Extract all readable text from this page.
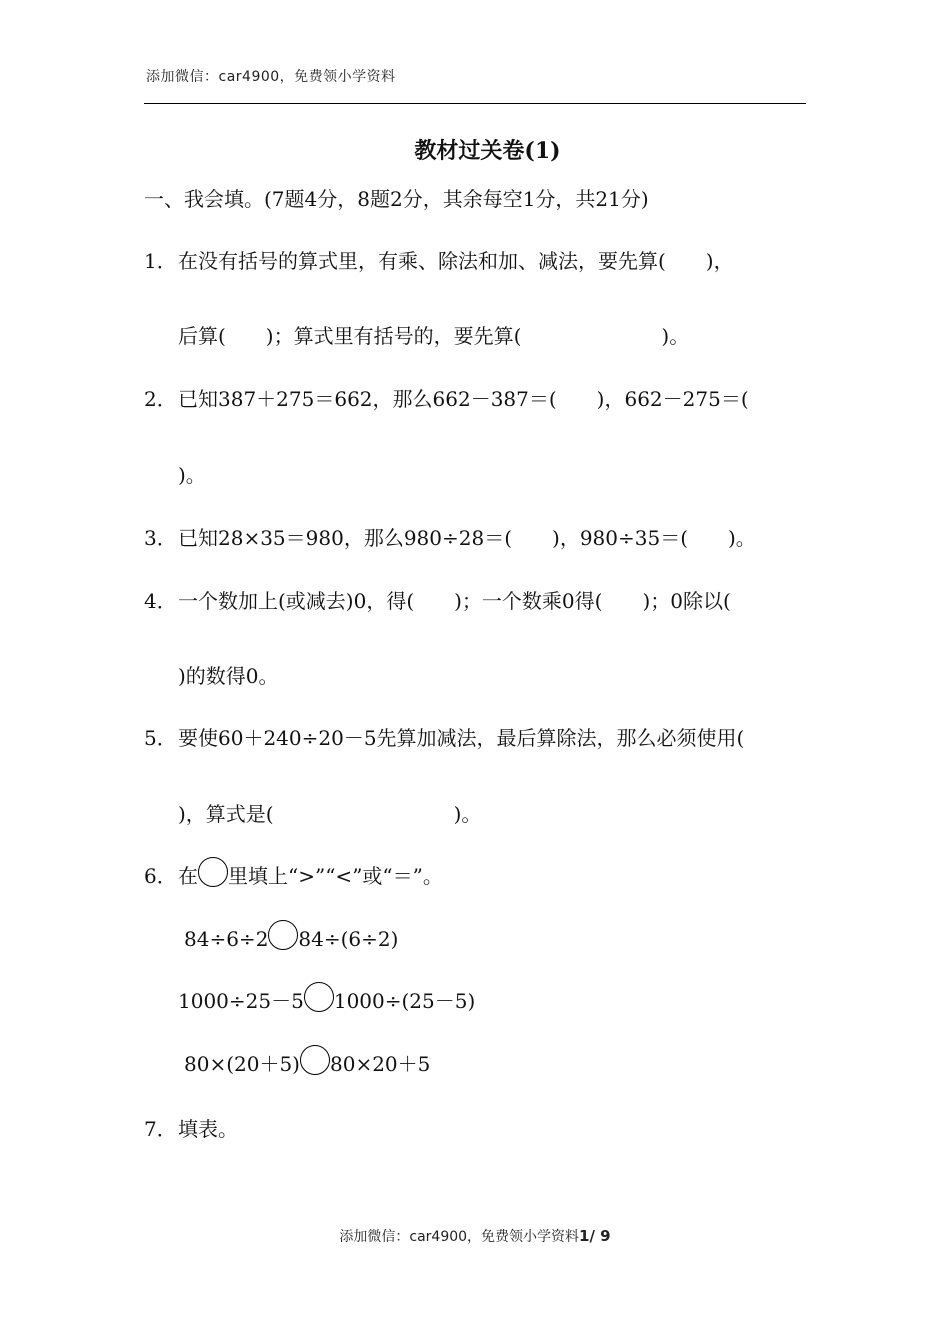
添加微信：car4900，免费领小学资料
教材过关卷(1)
一、我会填。(7题4分，8题2分，其余每空1分，共21分)
1．在没有括号的算式里，有乘、除法和加、减法，要先算(　　)，
后算(　　)；算式里有括号的，要先算(　　　　　　　)。
2．已知387＋275＝662，那么662－387＝(　　)，662－275＝(
)。
3．已知28×35＝980，那么980÷28＝(　　)，980÷35＝(　　)。
4．一个数加上(或减去)0，得(　　)；一个数乘0得(　　)；0除以(
)的数得0。
5．要使60＋240÷20－5先算加减法，最后算除法，那么必须使用(
)，算式是(　　　　　　　　　)。
6．在 里填上“>”“<”或“＝”。
84÷6÷2 84÷(6÷2)
1000÷25－5 1000÷(25－5)
80×(20＋5) 80×20＋5
7．填表。
添加微信：car4900，免费领小学资料1/ 9
